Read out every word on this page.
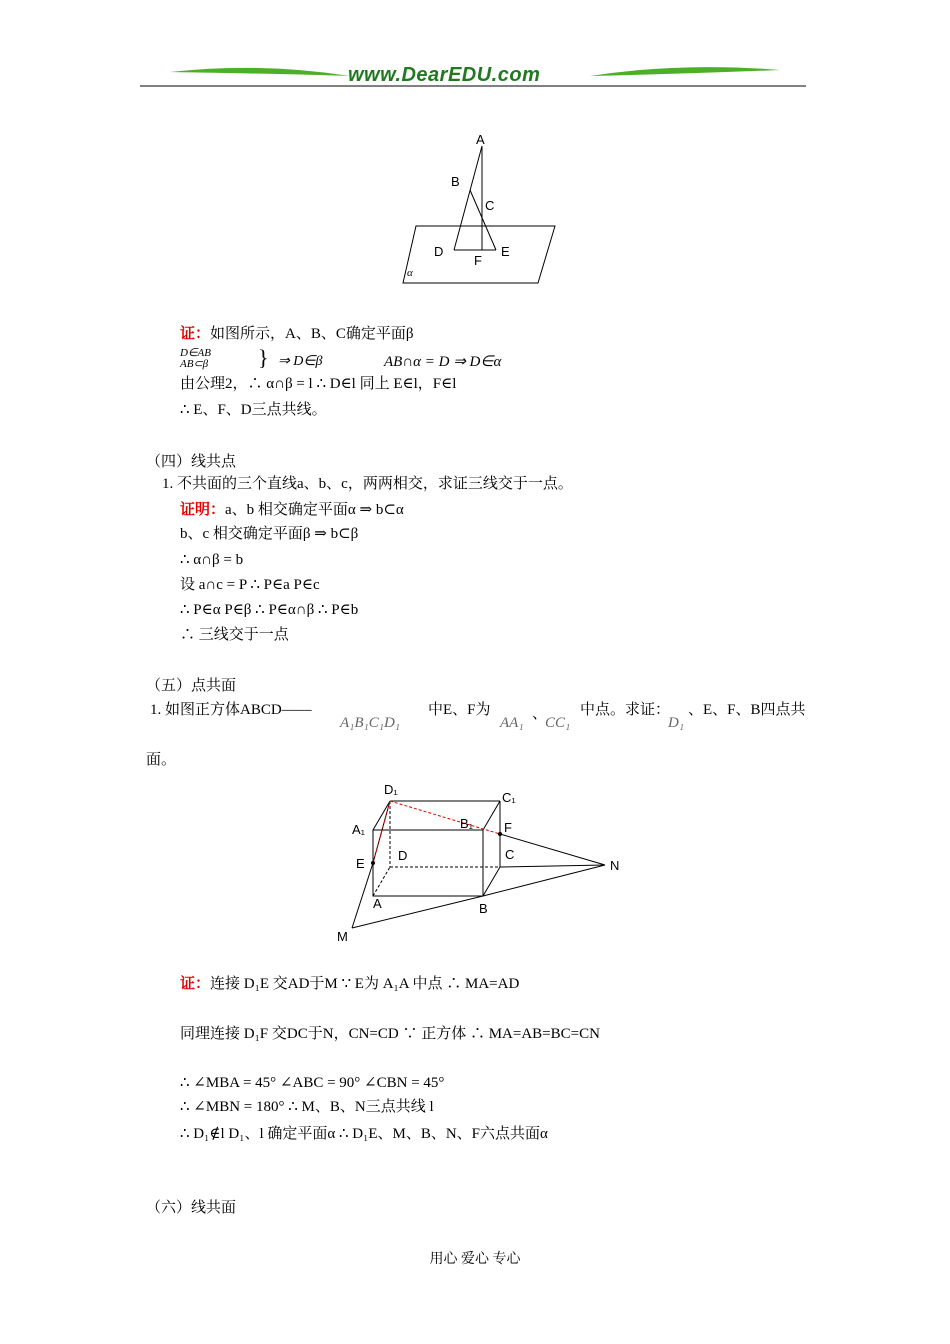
www.DearEDU.com
A
B
C
D	E
F
α
证：如图所示，A、B、C确定平面β
D∈AB
AB⊂β } ⇒ D∈β	AB∩α = D ⇒ D∈α
由公理2，∴ α∩β = l ∴ D∈l 同上 E∈l，F∈l
∴ E、F、D三点共线。
（四）线共点
1. 不共面的三个直线a、b、c，两两相交，求证三线交于一点。
证明：a、b 相交确定平面α ⇒ b⊂α
b、c 相交确定平面β ⇒ b⊂β
∴ α∩β = b
设 a∩c = P ∴ P∈a P∈c
∴ P∈α P∈β ∴ P∈α∩β ∴ P∈b
∴ 三线交于一点
（五）点共面
1. 如图正方体ABCD——
A₁B₁C₁D₁
中E、F为
AA₁
、
CC₁
中点。求证：
D₁
、E、F、B四点共
面。
D₁
C₁
A₁	B₁ F
E
D	C
N
A	B
M
证：连接 D₁E 交AD于M ∵ E为 A₁A 中点 ∴ MA=AD
同理连接 D₁F 交DC于N，CN=CD ∵ 正方体 ∴ MA=AB=BC=CN
∴ ∠MBA = 45° ∠ABC = 90° ∠CBN = 45°
∴ ∠MBN = 180° ∴ M、B、N三点共线 l
∴ D₁∉l D₁、l 确定平面α ∴ D₁E、M、B、N、F六点共面α
（六）线共面
用心 爱心 专心
